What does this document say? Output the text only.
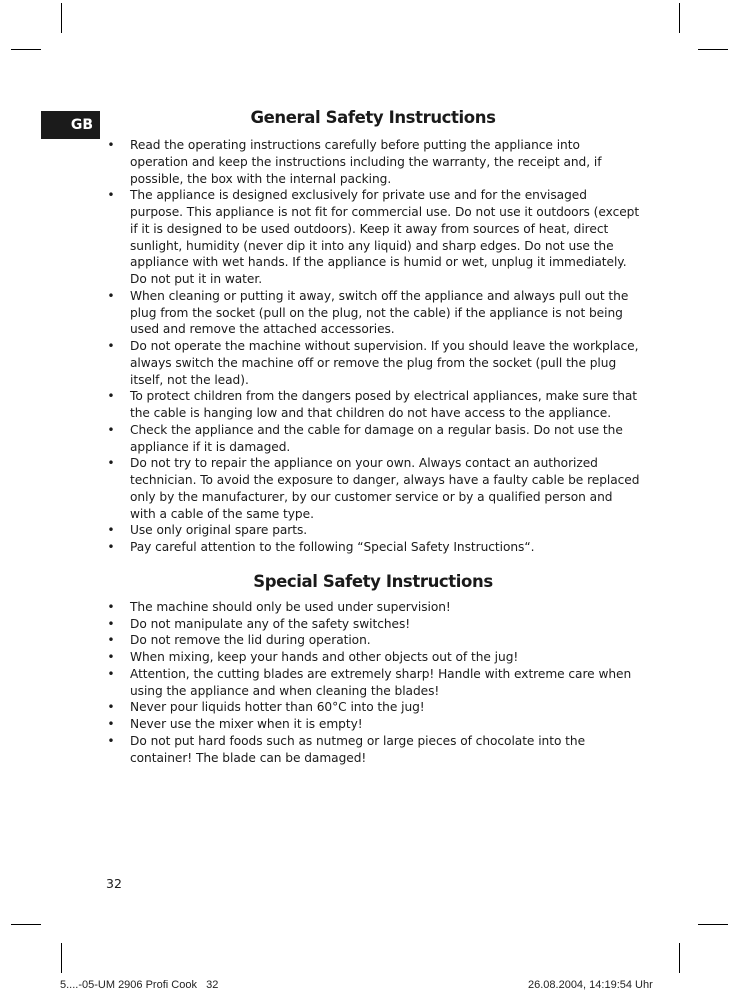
GB	General Safety Instructions
• Read the operating instructions carefully before putting the appliance into operation and keep the instructions including the warranty, the receipt and, if possible, the box with the internal packing.
• The appliance is designed exclusively for private use and for the envisaged purpose. This appliance is not fit for commercial use. Do not use it outdoors (except if it is designed to be used outdoors). Keep it away from sources of heat, direct sunlight, humidity (never dip it into any liquid) and sharp edges. Do not use the appliance with wet hands. If the appliance is humid or wet, unplug it immediately. Do not put it in water.
• When cleaning or putting it away, switch off the appliance and always pull out the plug from the socket (pull on the plug, not the cable) if the appliance is not being used and remove the attached accessories.
• Do not operate the machine without supervision. If you should leave the workplace, always switch the machine off or remove the plug from the socket (pull the plug itself, not the lead).
• To protect children from the dangers posed by electrical appliances, make sure that the cable is hanging low and that children do not have access to the appliance.
• Check the appliance and the cable for damage on a regular basis. Do not use the appliance if it is damaged.
• Do not try to repair the appliance on your own. Always contact an authorized technician. To avoid the exposure to danger, always have a faulty cable be replaced only by the manufacturer, by our customer service or by a qualified person and with a cable of the same type.
• Use only original spare parts.
• Pay careful attention to the following “Special Safety Instructions“.
Special Safety Instructions
• The machine should only be used under supervision!
• Do not manipulate any of the safety switches!
• Do not remove the lid during operation.
• When mixing, keep your hands and other objects out of the jug!
• Attention, the cutting blades are extremely sharp! Handle with extreme care when using the appliance and when cleaning the blades!
• Never pour liquids hotter than 60°C into the jug!
• Never use the mixer when it is empty!
• Do not put hard foods such as nutmeg or large pieces of chocolate into the container! The blade can be damaged!
32
5....-05-UM 2906 Profi Cook   32	26.08.2004, 14:19:54 Uhr
